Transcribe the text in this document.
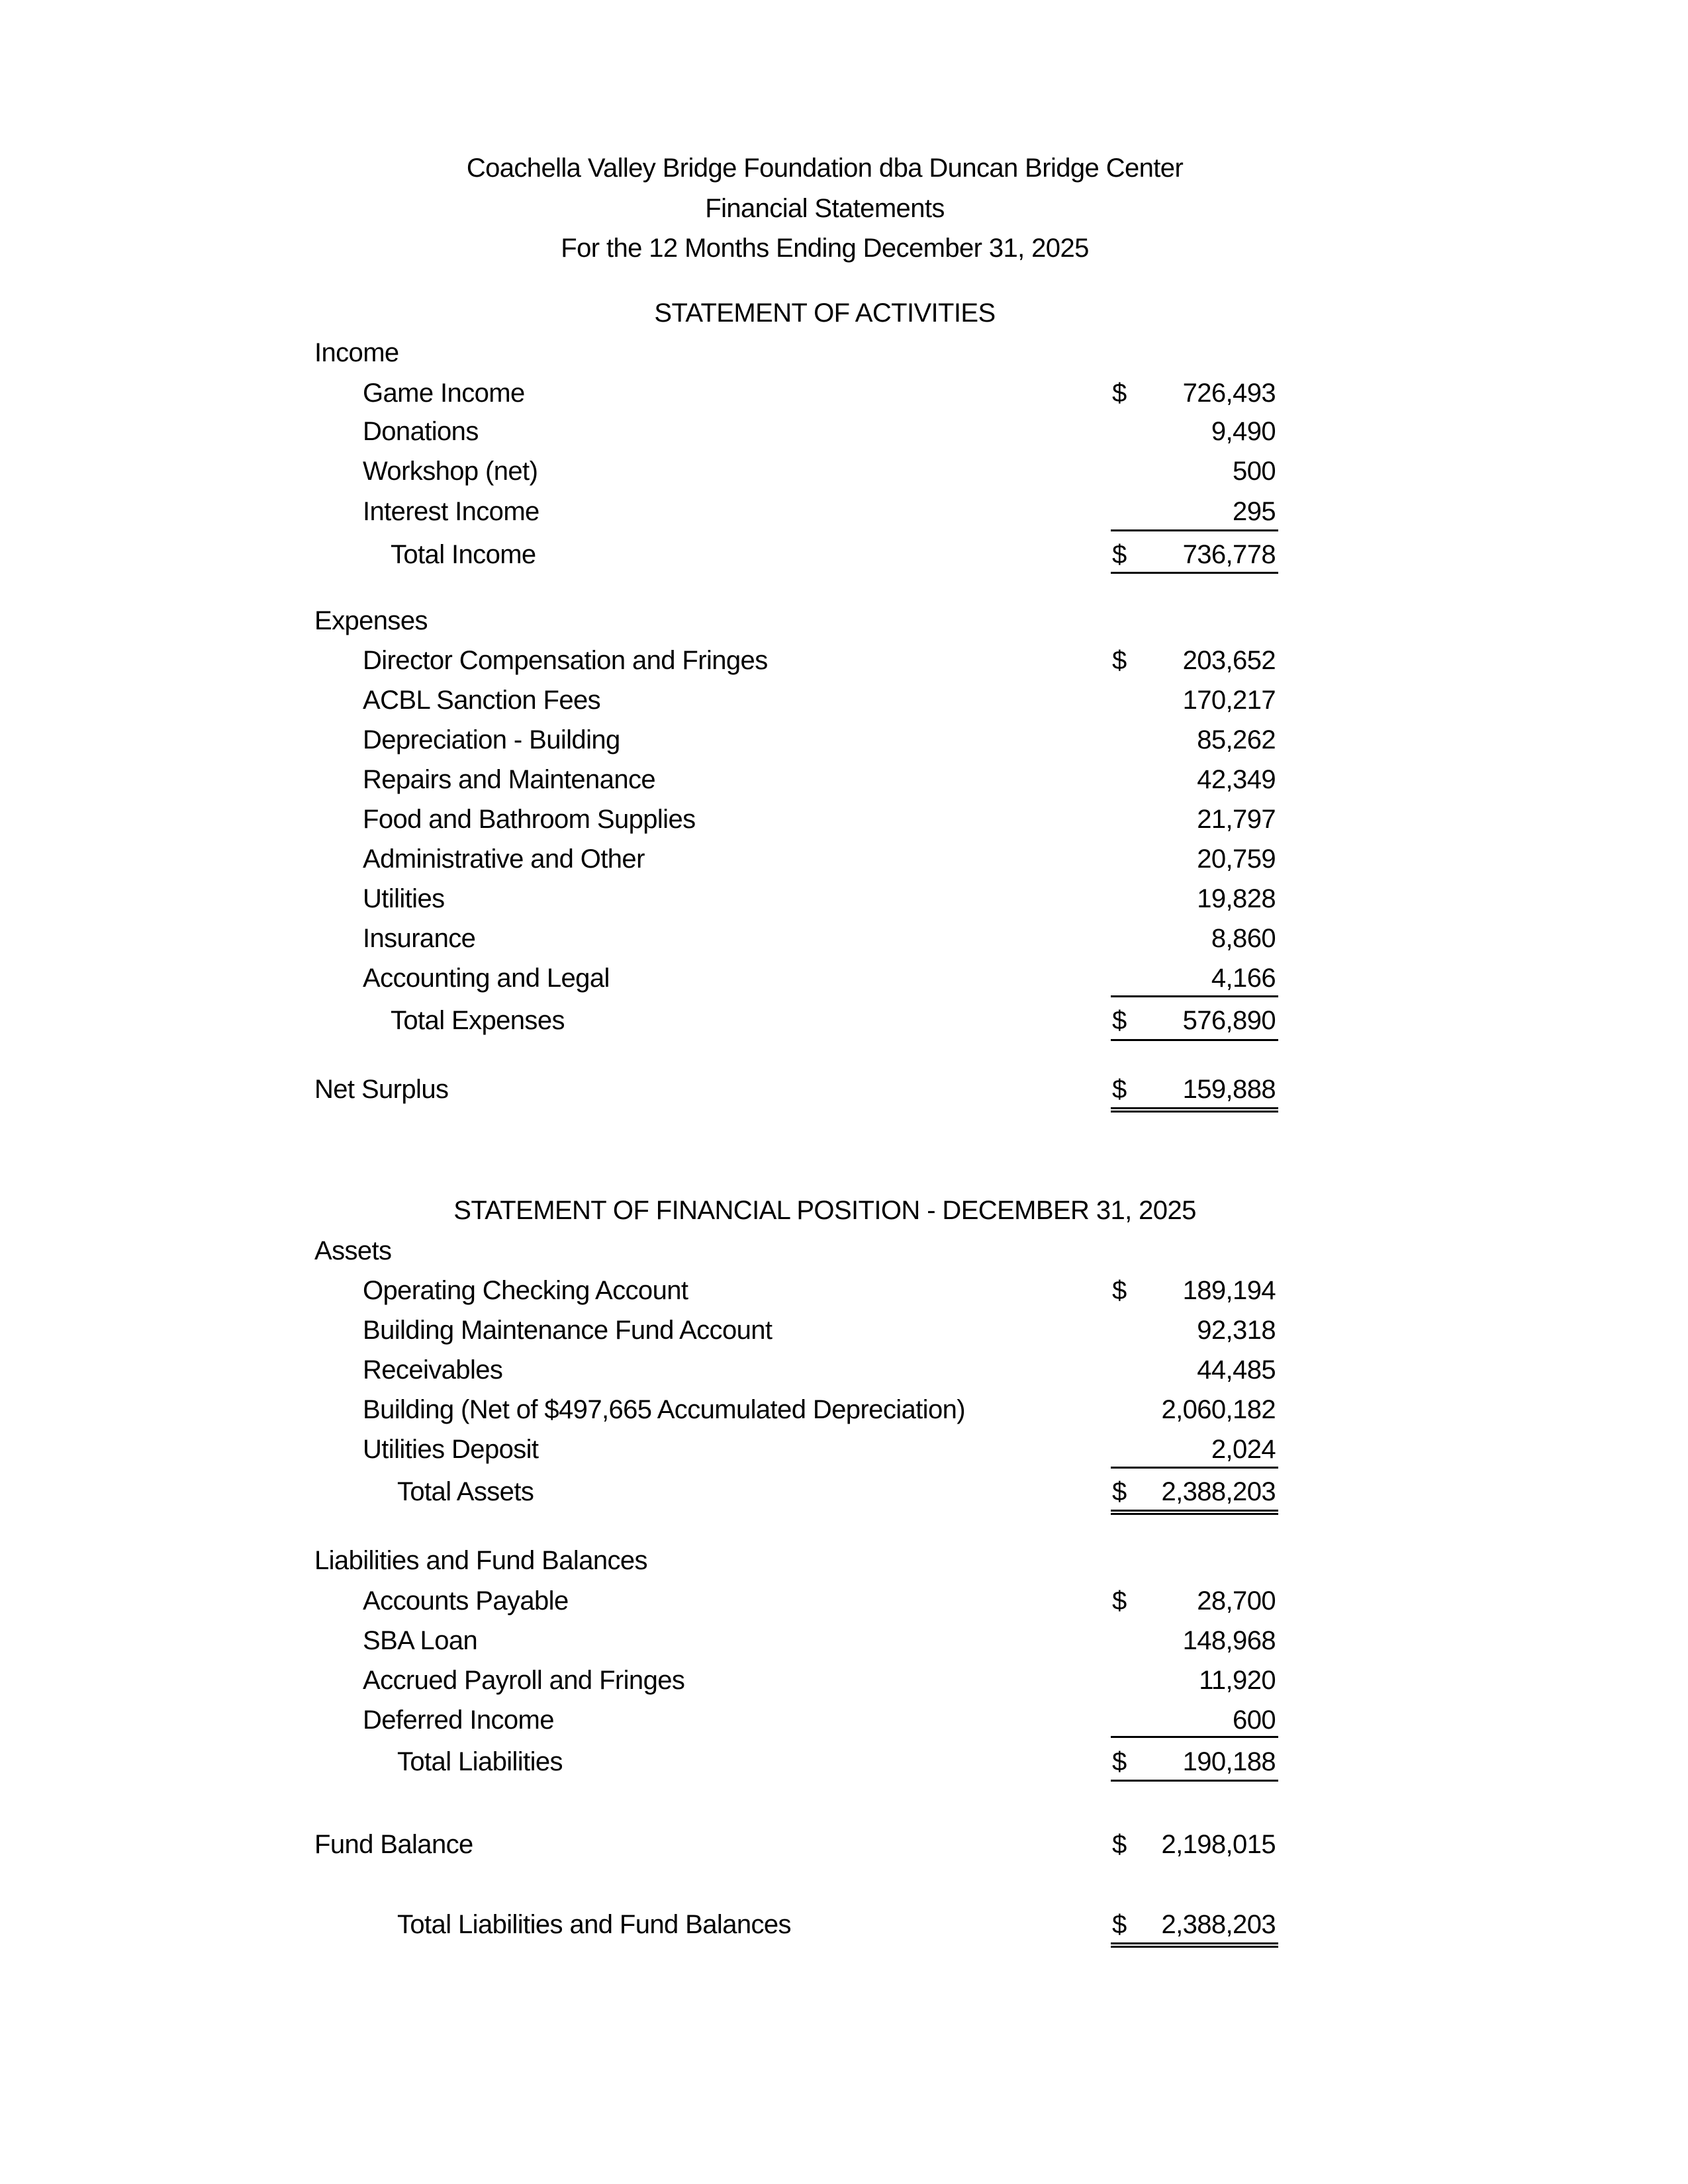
Coachella Valley Bridge Foundation dba Duncan Bridge Center
Financial Statements
For the 12 Months Ending December 31, 2025
STATEMENT OF ACTIVITIES
Income
Game Income	$ 726,493
Donations	9,490
Workshop (net)	500
Interest Income	295
Total Income	$ 736,778
Expenses
Director Compensation and Fringes	$ 203,652
ACBL Sanction Fees	170,217
Depreciation - Building	85,262
Repairs and Maintenance	42,349
Food and Bathroom Supplies	21,797
Administrative and Other	20,759
Utilities	19,828
Insurance	8,860
Accounting and Legal	4,166
Total Expenses	$ 576,890
Net Surplus	$ 159,888
STATEMENT OF FINANCIAL POSITION - DECEMBER 31, 2025
Assets
Operating Checking Account	$ 189,194
Building Maintenance Fund Account	92,318
Receivables	44,485
Building (Net of $497,665 Accumulated Depreciation)	2,060,182
Utilities Deposit	2,024
Total Assets	$ 2,388,203
Liabilities and Fund Balances
Accounts Payable	$	28,700
SBA Loan	148,968
Accrued Payroll and Fringes	11,920
Deferred Income	600
Total Liabilities	$ 190,188
Fund Balance	$ 2,198,015
Total Liabilities and Fund Balances	$ 2,388,203
